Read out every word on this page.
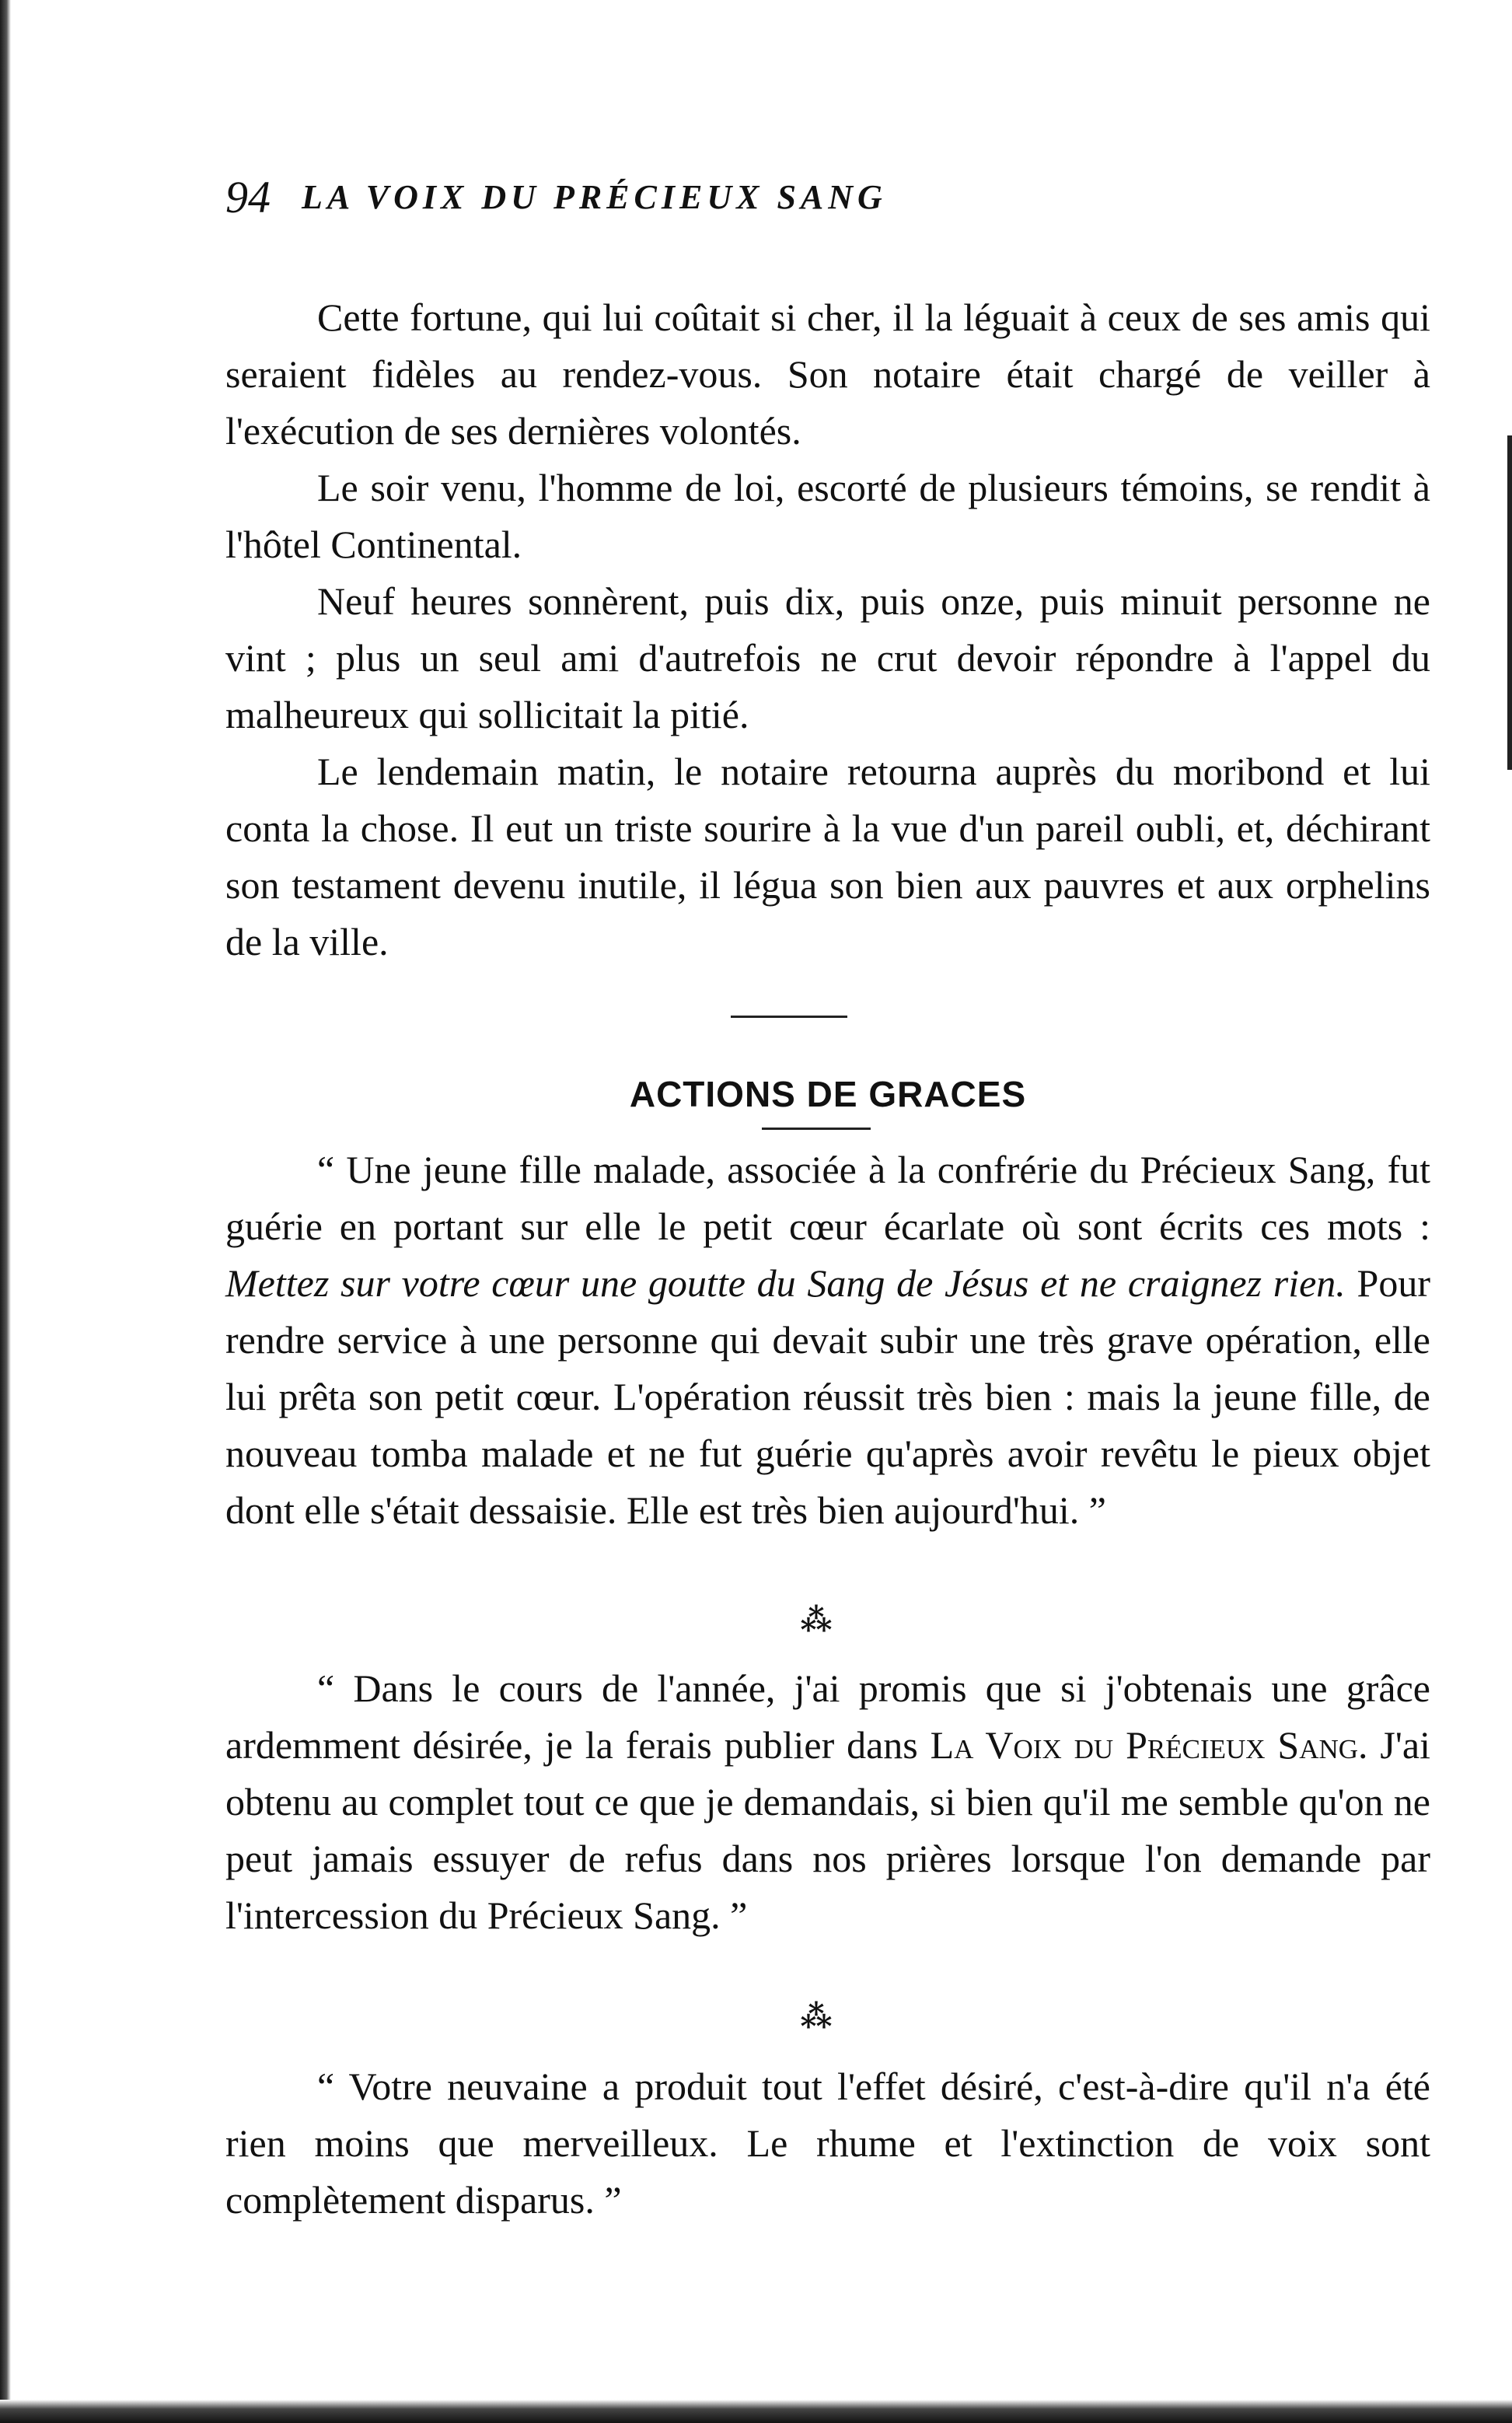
94 LA VOIX DU PRÉCIEUX SANG

Cette fortune, qui lui coûtait si cher, il la léguait à ceux de ses amis qui seraient fidèles au rendez-vous. Son notaire était chargé de veiller à l'exécution de ses dernières volontés.

Le soir venu, l'homme de loi, escorté de plusieurs témoins, se rendit à l'hôtel Continental.

Neuf heures sonnèrent, puis dix, puis onze, puis minuit personne ne vint ; plus un seul ami d'autrefois ne crut devoir répondre à l'appel du malheureux qui sollicitait la pitié.

Le lendemain matin, le notaire retourna auprès du moribond et lui conta la chose. Il eut un triste sourire à la vue d'un pareil oubli, et, déchirant son testament devenu inutile, il légua son bien aux pauvres et aux orphelins de la ville.

ACTIONS DE GRACES

“ Une jeune fille malade, associée à la confrérie du Précieux Sang, fut guérie en portant sur elle le petit cœur écarlate où sont écrits ces mots : Mettez sur votre cœur une goutte du Sang de Jésus et ne craignez rien. Pour rendre service à une personne qui devait subir une très grave opération, elle lui prêta son petit cœur. L'opération réussit très bien : mais la jeune fille, de nouveau tomba malade et ne fut guérie qu'après avoir revêtu le pieux objet dont elle s'était dessaisie. Elle est très bien aujourd'hui. ”

⁂

“ Dans le cours de l'année, j'ai promis que si j'obtenais une grâce ardemment désirée, je la ferais publier dans La Voix du Précieux Sang. J'ai obtenu au complet tout ce que je demandais, si bien qu'il me semble qu'on ne peut jamais essuyer de refus dans nos prières lorsque l'on demande par l'intercession du Précieux Sang. ”

⁂

“ Votre neuvaine a produit tout l'effet désiré, c'est-à-dire qu'il n'a été rien moins que merveilleux. Le rhume et l'extinction de voix sont complètement disparus. ”
